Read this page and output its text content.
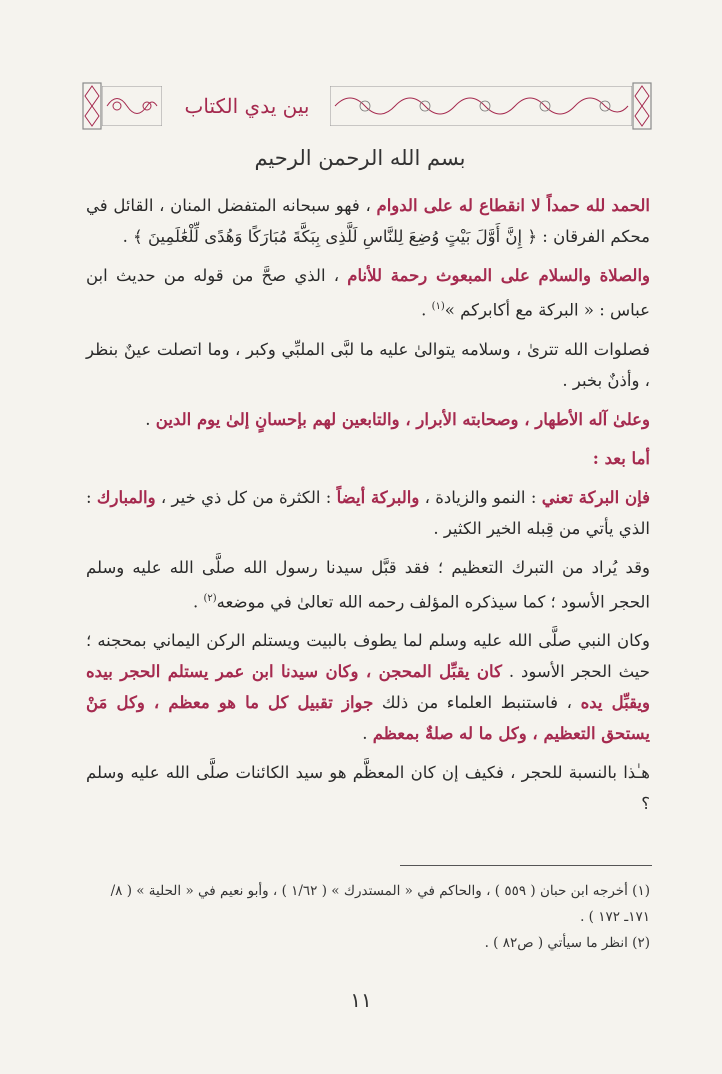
بين يدي الكتاب
بسم الله الرحمن الرحيم

الحمد لله حمداً لا انقطاع له على الدوام ، فهو سبحانه المتفضل المنان ، القائل في محكم الفرقان : ﴿ إِنَّ أَوَّلَ بَيْتٍ وُضِعَ لِلنَّاسِ لَلَّذِى بِبَكَّةَ مُبَارَكًا وَهُدًى لِّلْعَٰلَمِينَ ﴾ .

والصلاة والسلام على المبعوث رحمة للأنام ، الذي صحَّ من قوله من حديث ابن عباس : « البركة مع أكابركم »$^{(١)}$ .

فصلوات الله تترىٰ ، وسلامه يتوالىٰ عليه ما لبَّى الملبِّي وكبر ، وما اتصلت عينٌ بنظر ، وأذنٌ بخبر .

وعلىٰ آله الأطهار ، وصحابته الأبرار ، والتابعين لهم بإحسانٍ إلىٰ يوم الدين .

أما بعد :

فإن البركة تعني : النمو والزيادة ، والبركة أيضاً : الكثرة من كل ذي خير ، والمبارك : الذي يأتي من قِبله الخير الكثير .

وقد يُراد من التبرك التعظيم ؛ فقد قبَّل سيدنا رسول الله صلَّى الله عليه وسلم الحجر الأسود ؛ كما سيذكره المؤلف رحمه الله تعالىٰ في موضعه$^{(٢)}$ .

وكان النبي صلَّى الله عليه وسلم لما يطوف بالبيت ويستلم الركن اليماني بمحجنه ؛ حيث الحجر الأسود . كان يقبِّل المحجن ، وكان سيدنا ابن عمر يستلم الحجر بيده ويقبِّل يده ، فاستنبط العلماء من ذلك جواز تقبيل كل ما هو معظم ، وكل مَنْ يستحق التعظيم ، وكل ما له صلةٌ بمعظم .

هـٰذا بالنسبة للحجر ، فكيف إن كان المعظَّم هو سيد الكائنات صلَّى الله عليه وسلم ؟

(١) أخرجه ابن حبان ( ٥٥٩ ) ، والحاكم في « المستدرك » ( ١/٦٢ ) ، وأبو نعيم في « الحلية » ( ٨/ ١٧١ـ ١٧٢ ) .

(٢) انظر ما سيأتي ( ص٨٢ ) .

١١
